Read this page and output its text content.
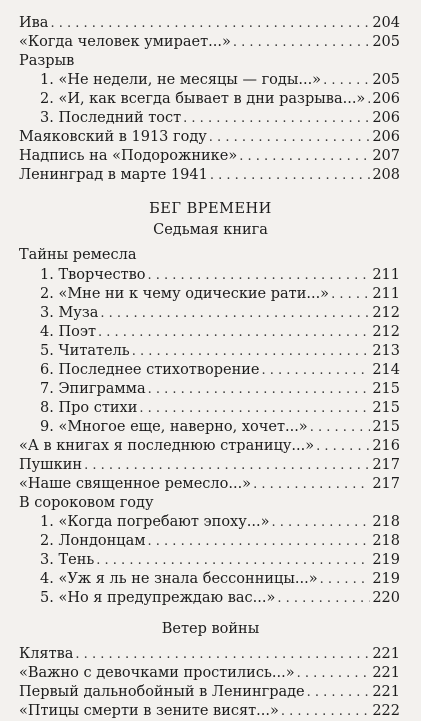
Ива . . .	204
«Когда человек умирает...» . . .	205
Разрыв
1. «Не недели, не месяцы — годы...» . . .	205
2. «И, как всегда бывает в дни разрыва...» . . . 206
3. Последний тост . . .	206
Маяковский в 1913 году . . .	206
Надпись на «Подорожнике» . . .	207
Ленинград в марте 1941 . . .	208
БЕГ ВРЕМЕНИ
Седьмая книга
Тайны ремесла
1. Творчество . . .	211
2. «Мне ни к чему одические рати...» . . .	211
3. Муза . . .	212
4. Поэт . . .	212
5. Читатель . . .	213
6. Последнее стихотворение . . .	214
7. Эпиграмма . . .	215
8. Про стихи . . .	215
9. «Многое еще, наверно, хочет...» . . .	215
«А в книгах я последнюю страницу...» . . .	216
Пушкин . . .	217
«Наше священное ремесло...» . . .	217
В сороковом году
1. «Когда погребают эпоху...» . . .	218
2. Лондонцам . . .	218
3. Тень . . .	219
4. «Уж я ль не знала бессонницы...» . . .	219
5. «Но я предупреждаю вас...» . . .	220
Ветер войны
Клятва . . .	221
«Важно с девочками простились...» . . .	221
Первый дальнобойный в Ленинграде . . .	221
«Птицы смерти в зените висят...» . . .	222
